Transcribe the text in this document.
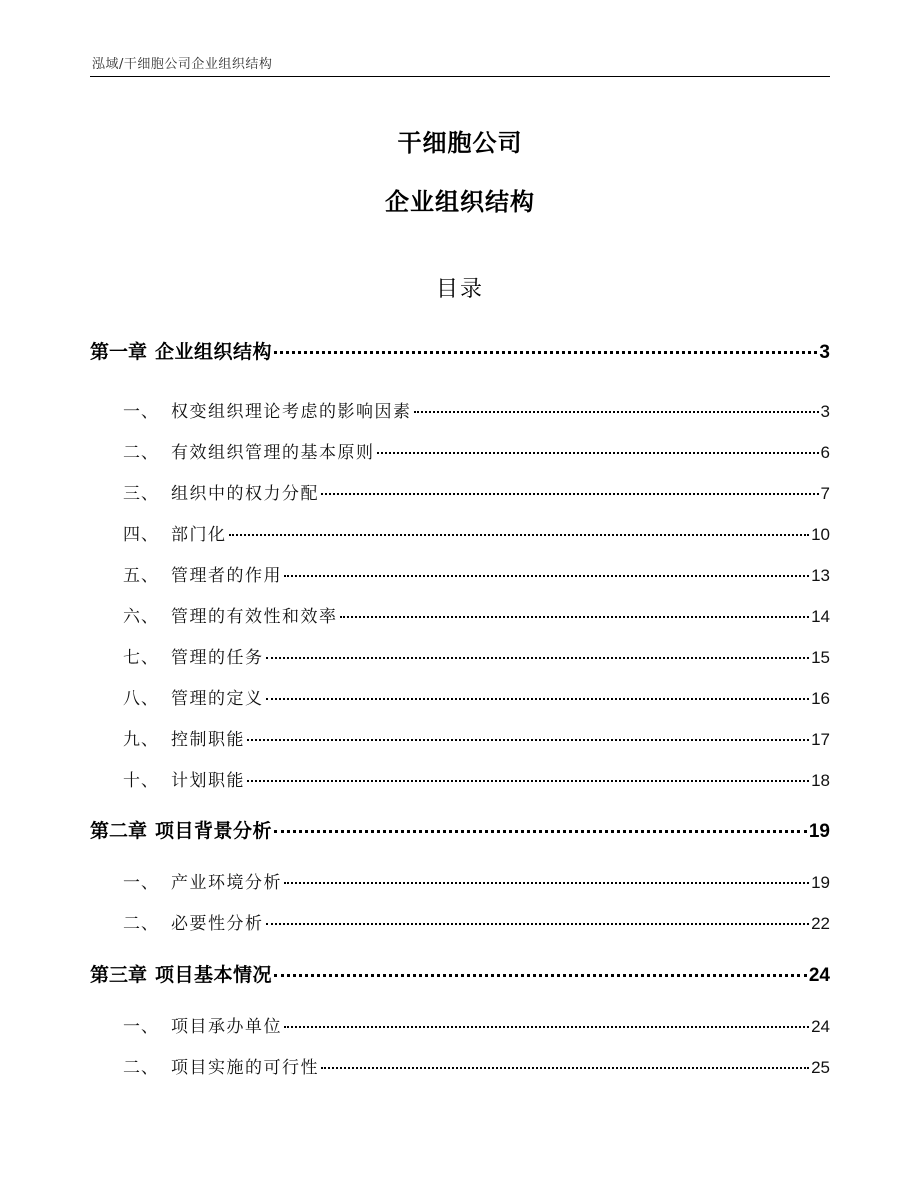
泓域/干细胞公司企业组织结构
干细胞公司
企业组织结构
目录
第一章 企业组织结构	3
一、 权变组织理论考虑的影响因素	3
二、 有效组织管理的基本原则	6
三、 组织中的权力分配	7
四、 部门化	10
五、 管理者的作用	13
六、 管理的有效性和效率	14
七、 管理的任务	15
八、 管理的定义	16
九、 控制职能	17
十、 计划职能	18
第二章 项目背景分析	19
一、 产业环境分析	19
二、 必要性分析	22
第三章 项目基本情况	24
一、 项目承办单位	24
二、 项目实施的可行性	25
